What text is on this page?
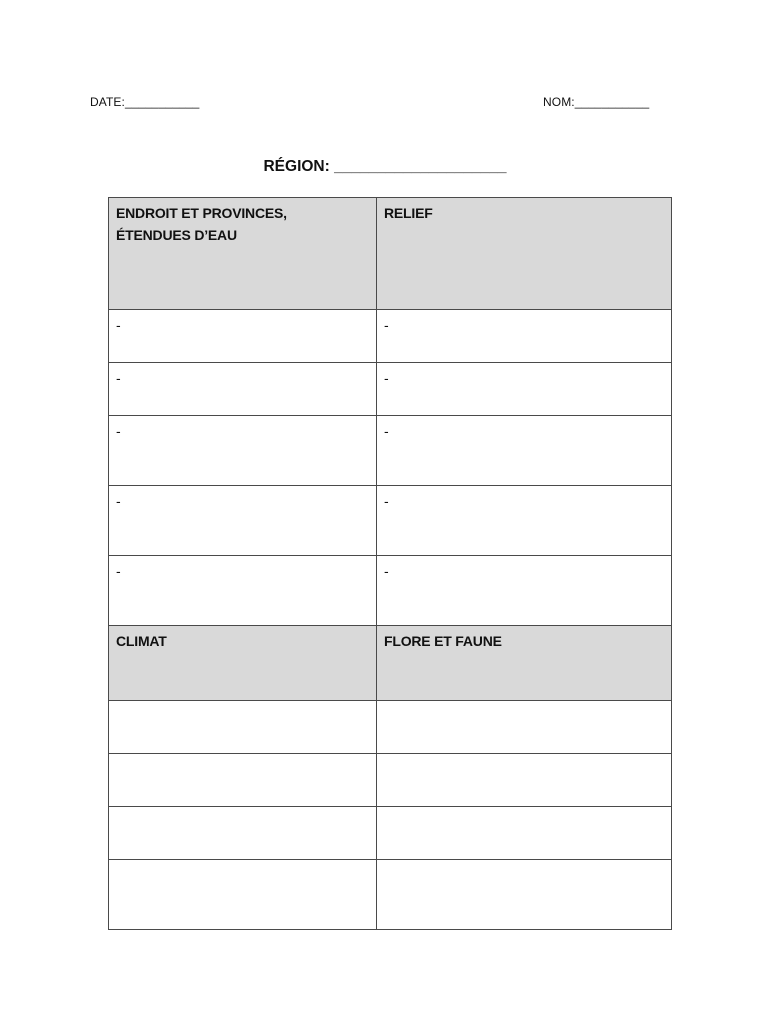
DATE:___________	NOM:___________
RÉGION: ____________________
ENDROIT ET PROVINCES,
ÉTENDUES D’EAU	RELIEF
-	-
-	-
-	-
-	-
-	-
CLIMAT	FLORE ET FAUNE
